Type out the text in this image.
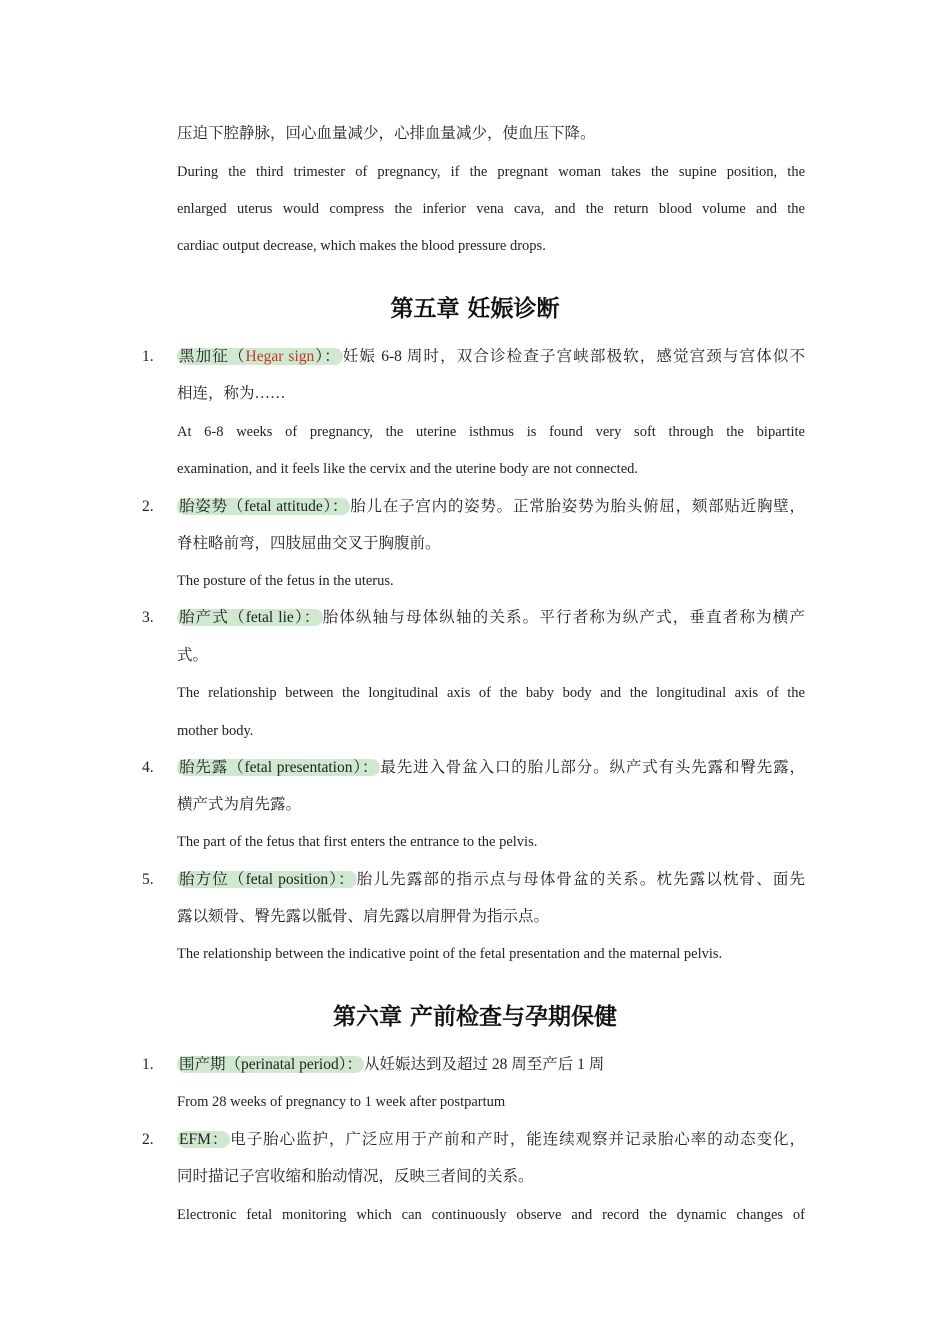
压迫下腔静脉，回心血量减少，心排血量减少，使血压下降。
During the third trimester of pregnancy, if the pregnant woman takes the supine position, the
enlarged uterus would compress the inferior vena cava, and the return blood volume and the
cardiac output decrease, which makes the blood pressure drops.
第五章 妊娠诊断
1. 黑加征（Hegar sign）： 妊娠 6-8 周时，双合诊检查子宫峡部极软，感觉宫颈与宫体似不
相连，称为……
At 6-8 weeks of pregnancy, the uterine isthmus is found very soft through the bipartite
examination, and it feels like the cervix and the uterine body are not connected.
2. 胎姿势（fetal attitude）： 胎儿在子宫内的姿势。正常胎姿势为胎头俯屈，颏部贴近胸壁，
脊柱略前弯，四肢屈曲交叉于胸腹前。
The posture of the fetus in the uterus.
3. 胎产式（fetal lie）： 胎体纵轴与母体纵轴的关系。平行者称为纵产式，垂直者称为横产
式。
The relationship between the longitudinal axis of the baby body and the longitudinal axis of the
mother body.
4. 胎先露（fetal presentation）： 最先进入骨盆入口的胎儿部分。纵产式有头先露和臀先露，
横产式为肩先露。
The part of the fetus that first enters the entrance to the pelvis.
5. 胎方位（fetal position）： 胎儿先露部的指示点与母体骨盆的关系。枕先露以枕骨、面先
露以颏骨、臀先露以骶骨、肩先露以肩胛骨为指示点。
The relationship between the indicative point of the fetal presentation and the maternal pelvis.
第六章 产前检查与孕期保健
1. 围产期（perinatal period）： 从妊娠达到及超过 28 周至产后 1 周
From 28 weeks of pregnancy to 1 week after postpartum
2. EFM： 电子胎心监护，广泛应用于产前和产时，能连续观察并记录胎心率的动态变化，
同时描记子宫收缩和胎动情况，反映三者间的关系。
Electronic fetal monitoring which can continuously observe and record the dynamic changes of
